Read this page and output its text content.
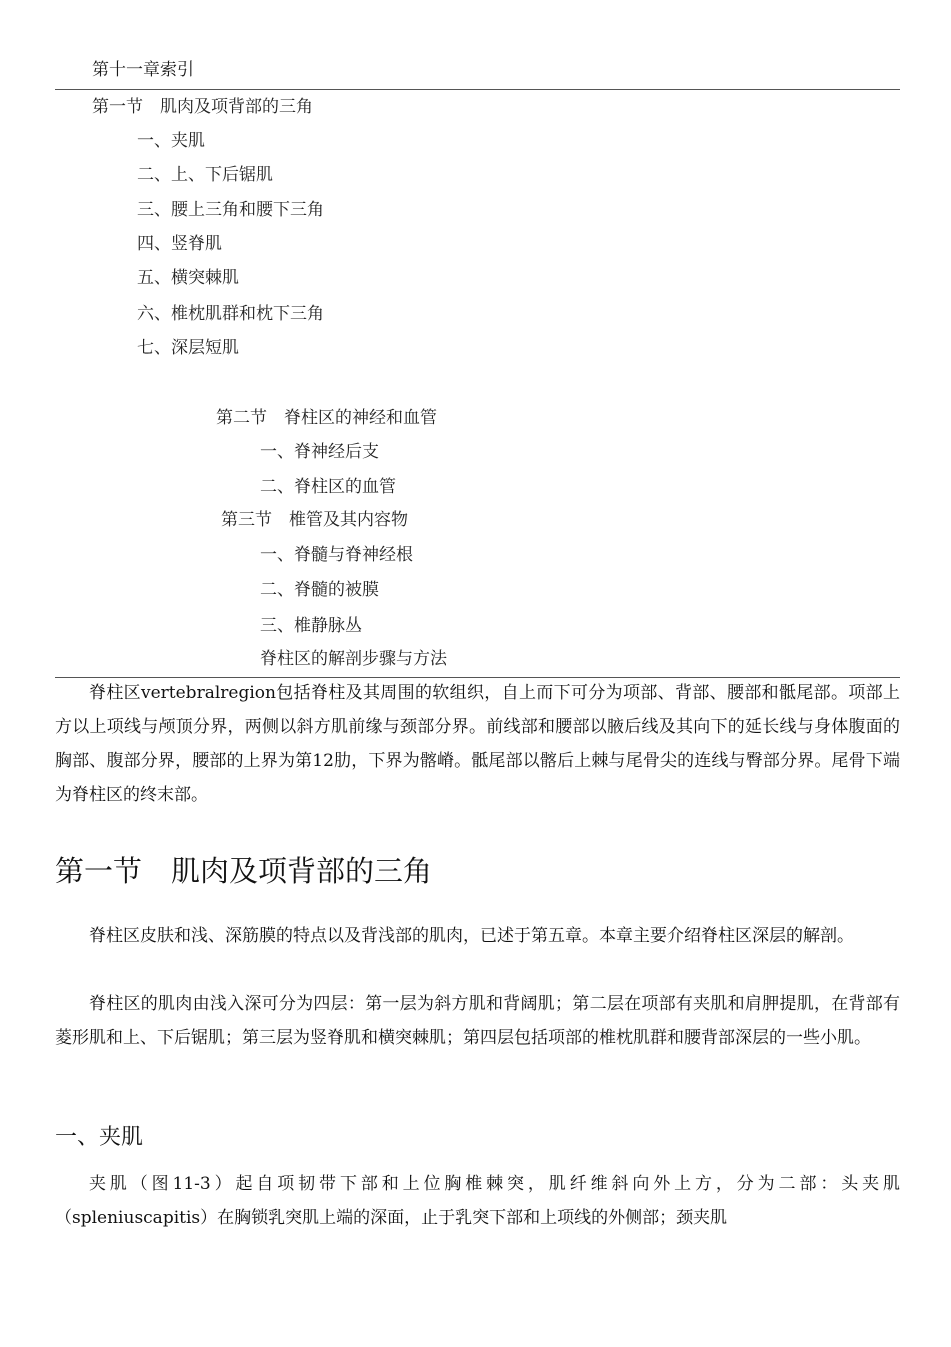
第十一章索引
第一节　肌肉及项背部的三角
一、夹肌
二、上、下后锯肌
三、腰上三角和腰下三角
四、竖脊肌
五、横突棘肌
六、椎枕肌群和枕下三角
七、深层短肌
第二节　脊柱区的神经和血管
一、脊神经后支
二、脊柱区的血管
第三节　椎管及其内容物
一、脊髓与脊神经根
二、脊髓的被膜
三、椎静脉丛
脊柱区的解剖步骤与方法

脊柱区vertebralregion包括脊柱及其周围的软组织，自上而下可分为项部、背部、腰部和骶尾部。项部上方以上项线与颅顶分界，两侧以斜方肌前缘与颈部分界。前线部和腰部以腋后线及其向下的延长线与身体腹面的胸部、腹部分界，腰部的上界为第12肋，下界为髂嵴。骶尾部以髂后上棘与尾骨尖的连线与臀部分界。尾骨下端为脊柱区的终末部。

第一节　肌肉及项背部的三角

脊柱区皮肤和浅、深筋膜的特点以及背浅部的肌肉，已述于第五章。本章主要介绍脊柱区深层的解剖。

脊柱区的肌肉由浅入深可分为四层：第一层为斜方肌和背阔肌；第二层在项部有夹肌和肩胛提肌，在背部有菱形肌和上、下后锯肌；第三层为竖脊肌和横突棘肌；第四层包括项部的椎枕肌群和腰背部深层的一些小肌。

一、夹肌

夹肌（图11-3）起自项韧带下部和上位胸椎棘突，肌纤维斜向外上方，分为二部：头夹肌（spleniuscapitis）在胸锁乳突肌上端的深面，止于乳突下部和上项线的外侧部；颈夹肌
